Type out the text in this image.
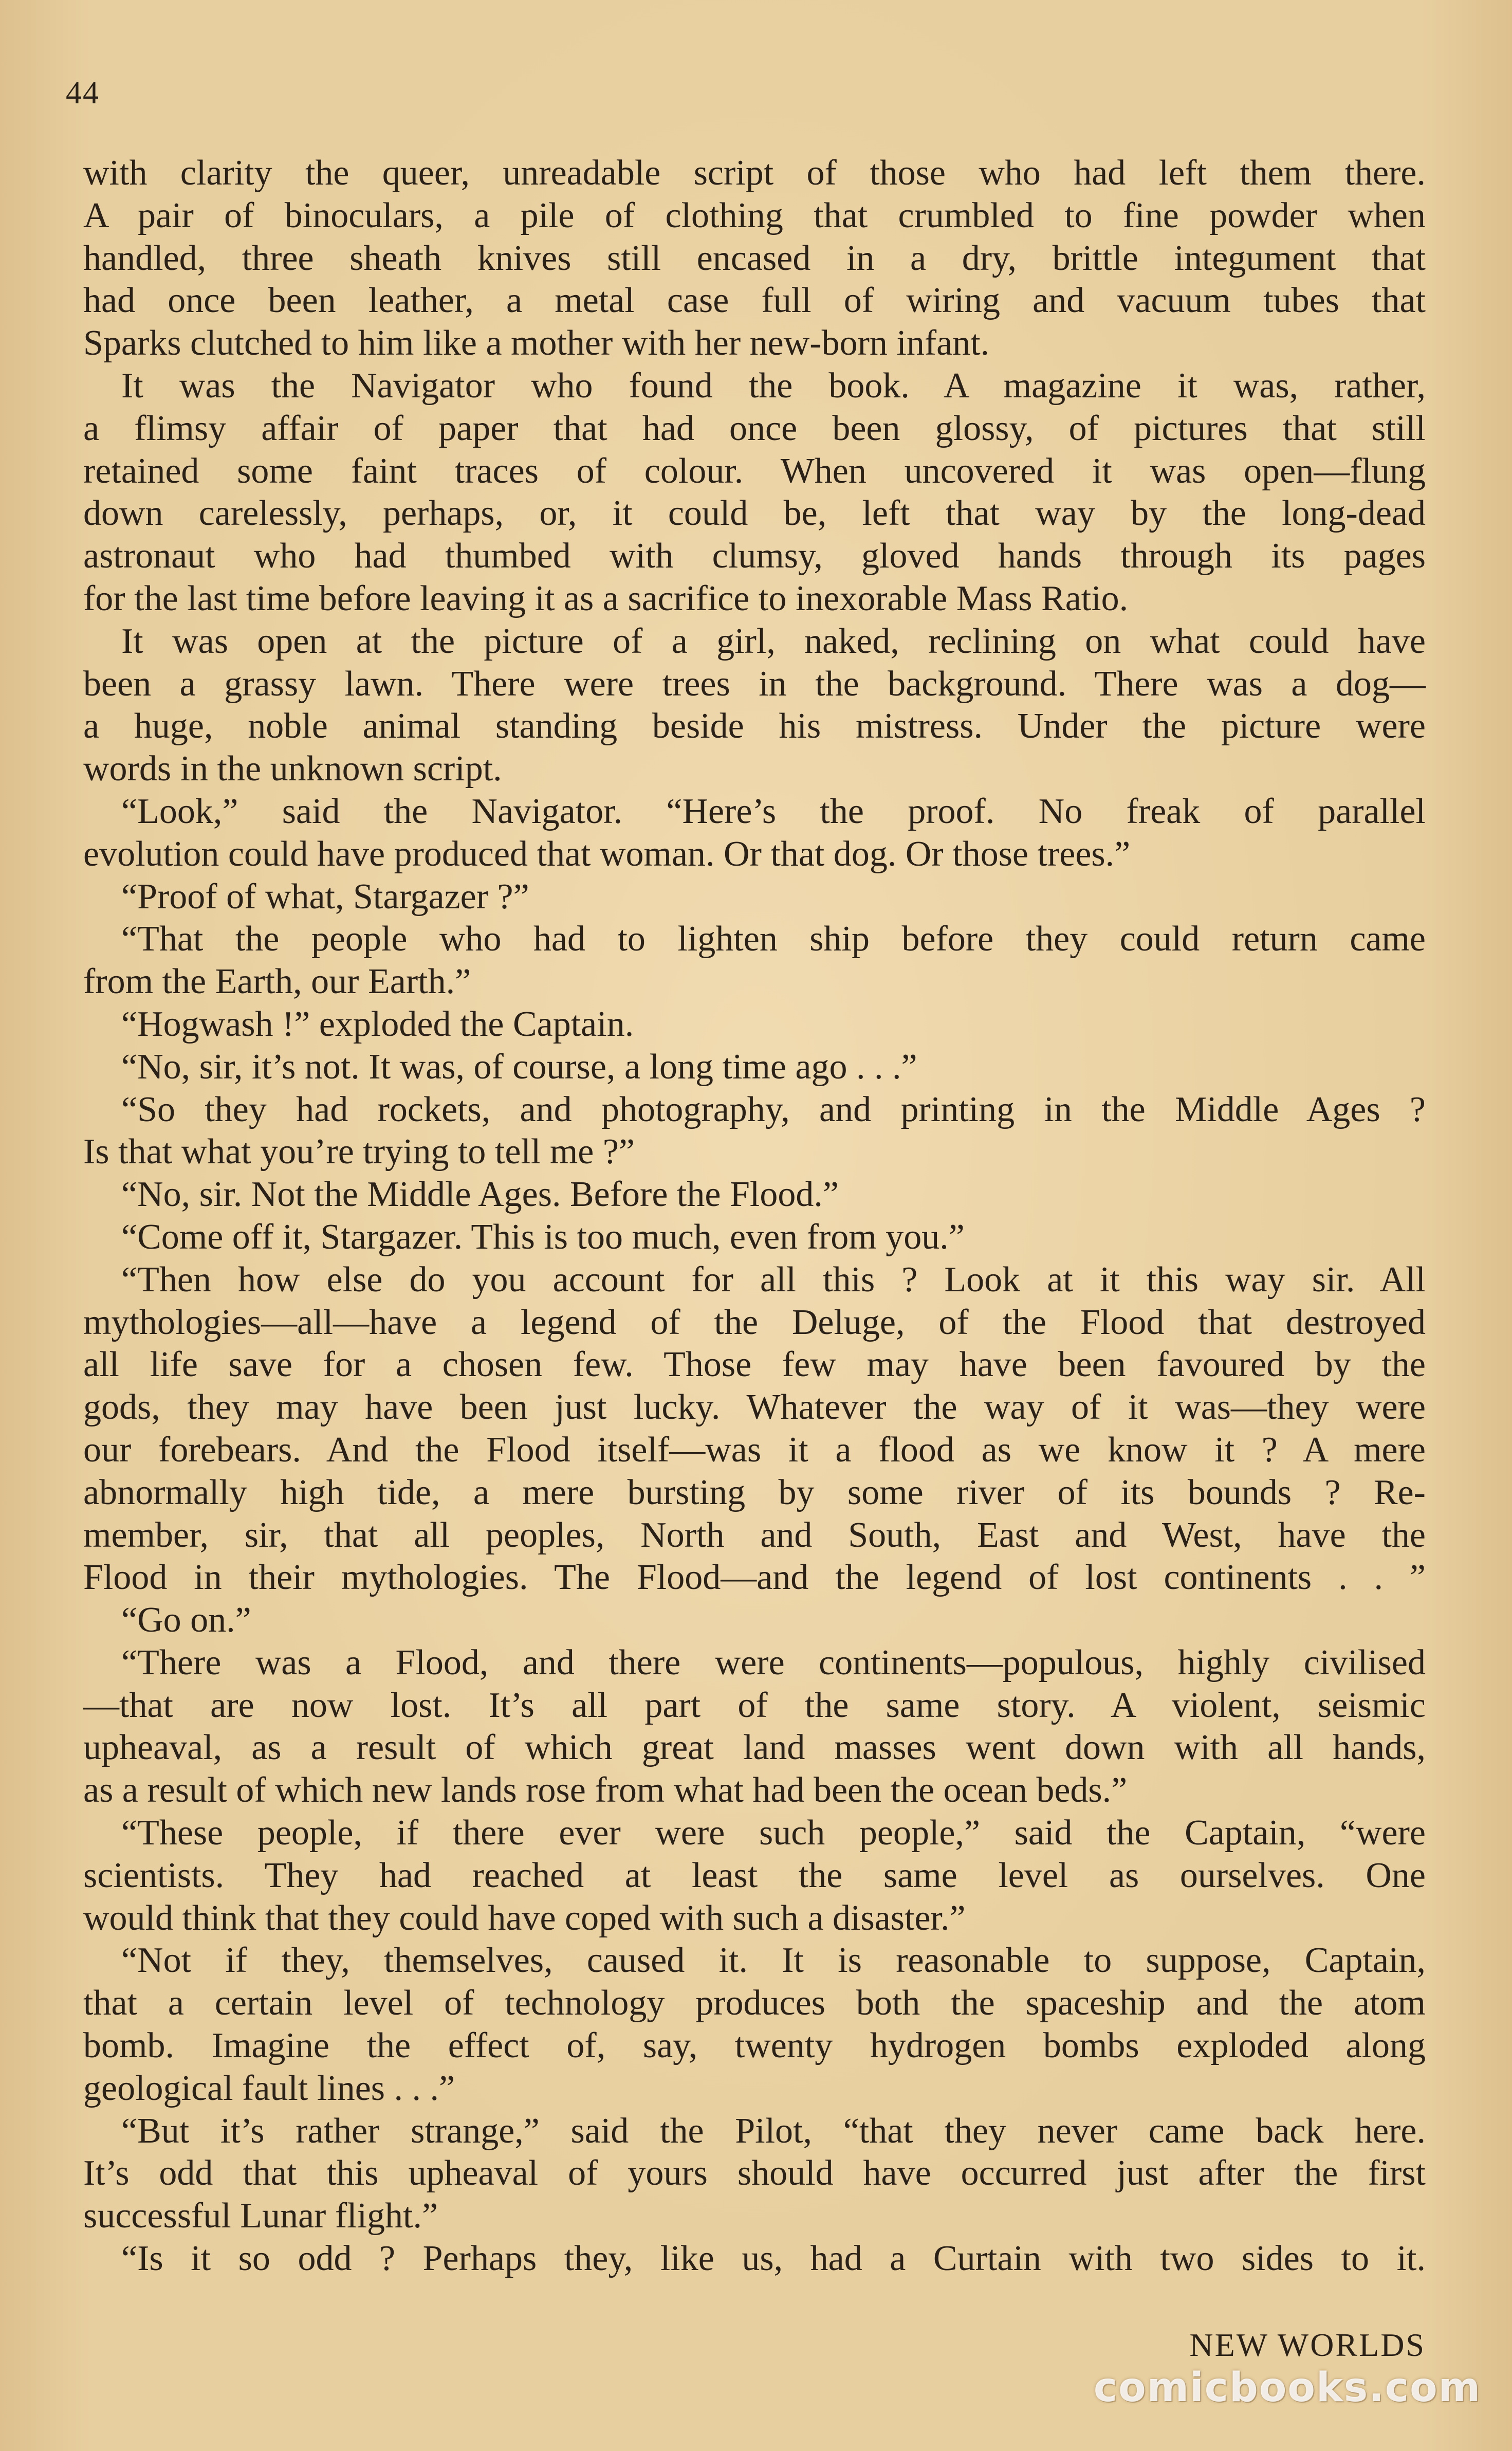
44
with clarity the queer, unreadable script of those who had left them there.
A pair of binoculars, a pile of clothing that crumbled to fine powder when
handled, three sheath knives still encased in a dry, brittle integument that
had once been leather, a metal case full of wiring and vacuum tubes that
Sparks clutched to him like a mother with her new-born infant.
It was the Navigator who found the book. A magazine it was, rather,
a flimsy affair of paper that had once been glossy, of pictures that still
retained some faint traces of colour. When uncovered it was open—flung
down carelessly, perhaps, or, it could be, left that way by the long-dead
astronaut who had thumbed with clumsy, gloved hands through its pages
for the last time before leaving it as a sacrifice to inexorable Mass Ratio.
It was open at the picture of a girl, naked, reclining on what could have
been a grassy lawn. There were trees in the background. There was a dog—
a huge, noble animal standing beside his mistress. Under the picture were
words in the unknown script.
“Look,” said the Navigator. “Here’s the proof. No freak of parallel
evolution could have produced that woman. Or that dog. Or those trees.”
“Proof of what, Stargazer ?”
“That the people who had to lighten ship before they could return came
from the Earth, our Earth.”
“Hogwash !” exploded the Captain.
“No, sir, it’s not. It was, of course, a long time ago . . .”
“So they had rockets, and photography, and printing in the Middle Ages ?
Is that what you’re trying to tell me ?”
“No, sir. Not the Middle Ages. Before the Flood.”
“Come off it, Stargazer. This is too much, even from you.”
“Then how else do you account for all this ? Look at it this way sir. All
mythologies—all—have a legend of the Deluge, of the Flood that destroyed
all life save for a chosen few. Those few may have been favoured by the
gods, they may have been just lucky. Whatever the way of it was—they were
our forebears. And the Flood itself—was it a flood as we know it ? A mere
abnormally high tide, a mere bursting by some river of its bounds ? Re-
member, sir, that all peoples, North and South, East and West, have the
Flood in their mythologies. The Flood—and the legend of lost continents . . ”
“Go on.”
“There was a Flood, and there were continents—populous, highly civilised
—that are now lost. It’s all part of the same story. A violent, seismic
upheaval, as a result of which great land masses went down with all hands,
as a result of which new lands rose from what had been the ocean beds.”
“These people, if there ever were such people,” said the Captain, “were
scientists. They had reached at least the same level as ourselves. One
would think that they could have coped with such a disaster.”
“Not if they, themselves, caused it. It is reasonable to suppose, Captain,
that a certain level of technology produces both the spaceship and the atom
bomb. Imagine the effect of, say, twenty hydrogen bombs exploded along
geological fault lines . . .”
“But it’s rather strange,” said the Pilot, “that they never came back here.
It’s odd that this upheaval of yours should have occurred just after the first
successful Lunar flight.”
“Is it so odd ? Perhaps they, like us, had a Curtain with two sides to it.
NEW WORLDS
comicbooks.com
